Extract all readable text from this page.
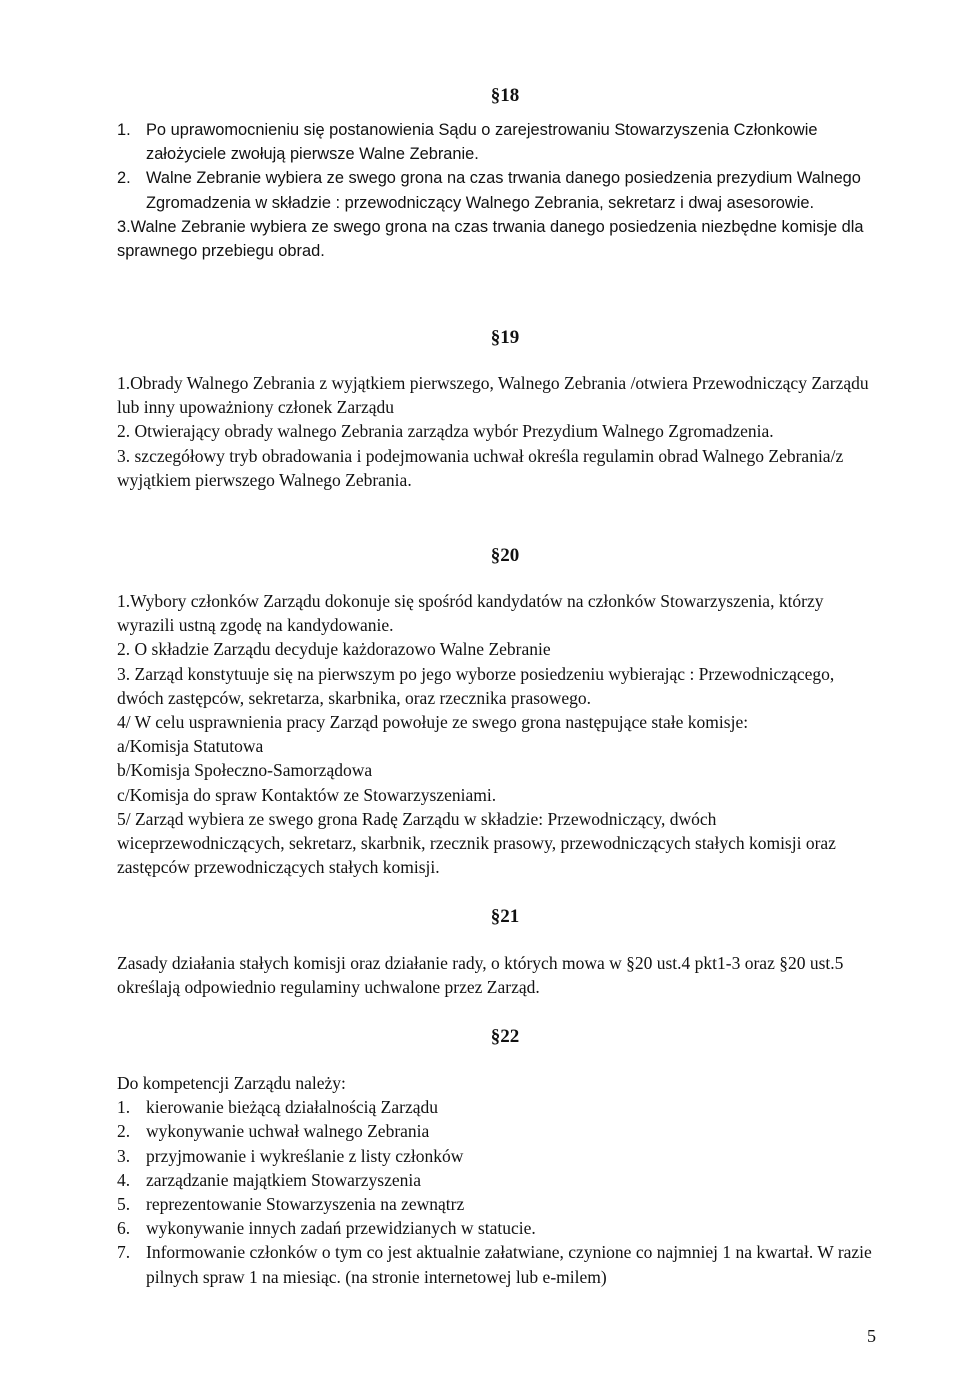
§18
1. Po uprawomocnieniu się postanowienia Sądu o zarejestrowaniu Stowarzyszenia Członkowie założyciele zwołują pierwsze Walne Zebranie.
2. Walne Zebranie wybiera ze swego grona na czas trwania danego posiedzenia prezydium Walnego Zgromadzenia w składzie : przewodniczący Walnego Zebrania, sekretarz i dwaj asesorowie.

3.Walne Zebranie wybiera ze swego grona na czas trwania danego posiedzenia niezbędne komisje dla sprawnego przebiegu obrad.

§19

1.Obrady Walnego Zebrania z wyjątkiem pierwszego, Walnego Zebrania /otwiera Przewodniczący Zarządu lub inny upoważniony członek Zarządu

2. Otwierający obrady walnego Zebrania zarządza wybór Prezydium Walnego Zgromadzenia.

3. szczegółowy tryb obradowania i podejmowania uchwał określa regulamin obrad Walnego Zebrania/z wyjątkiem pierwszego Walnego Zebrania.

§20

1.Wybory członków Zarządu dokonuje się spośród kandydatów na członków Stowarzyszenia, którzy wyrazili ustną zgodę na kandydowanie.

2. O składzie Zarządu decyduje każdorazowo Walne Zebranie

3. Zarząd konstytuuje się na pierwszym po jego wyborze posiedzeniu wybierając : Przewodniczącego, dwóch zastępców, sekretarza, skarbnika, oraz rzecznika prasowego.

4/ W celu usprawnienia pracy Zarząd powołuje ze swego grona następujące stałe komisje:

a/Komisja Statutowa

b/Komisja Społeczno-Samorządowa

c/Komisja do spraw Kontaktów ze Stowarzyszeniami.

5/ Zarząd wybiera ze swego grona Radę Zarządu w składzie: Przewodniczący, dwóch wiceprzewodniczących, sekretarz, skarbnik, rzecznik prasowy, przewodniczących stałych komisji oraz zastępców przewodniczących stałych komisji.

§21

Zasady działania stałych komisji oraz działanie rady, o których mowa w §20 ust.4 pkt1-3 oraz §20 ust.5 określają odpowiednio regulaminy uchwalone przez Zarząd.

§22

Do kompetencji Zarządu należy:

1. kierowanie bieżącą działalnością Zarządu
2. wykonywanie uchwał walnego Zebrania
3. przyjmowanie i wykreślanie z listy członków
4. zarządzanie majątkiem Stowarzyszenia
5. reprezentowanie Stowarzyszenia na zewnątrz
6. wykonywanie innych zadań przewidzianych w statucie.
7. Informowanie członków o tym co jest aktualnie załatwiane, czynione co najmniej 1 na kwartał. W razie pilnych spraw 1 na miesiąc. (na stronie internetowej lub e-milem)
5
